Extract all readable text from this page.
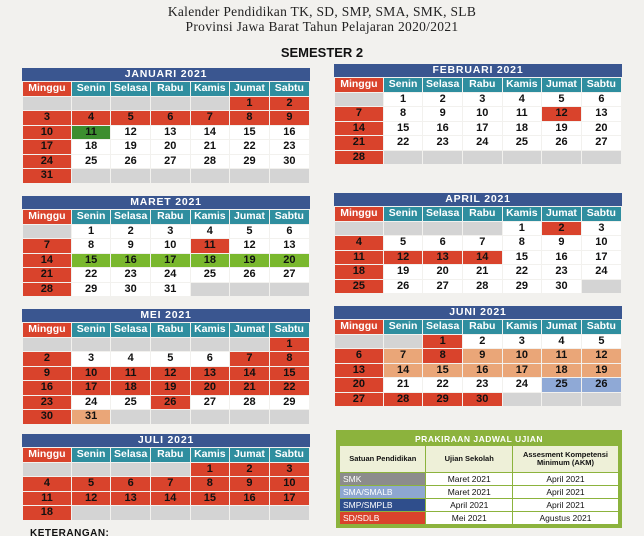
Kalender Pendidikan TK, SD, SMP, SMA, SMK, SLB
Provinsi Jawa Barat Tahun Pelajaran 2020/2021
SEMESTER 2
JANUARI 2021
Minggu	Senin	Selasa	Rabu	Kamis	Jumat	Sabtu
					1	2
3	4	5	6	7	8	9
10	11	12	13	14	15	16
17	18	19	20	21	22	23
24	25	26	27	28	29	30
31						
FEBRUARI 2021
Minggu	Senin	Selasa	Rabu	Kamis	Jumat	Sabtu
	1	2	3	4	5	6
7	8	9	10	11	12	13
14	15	16	17	18	19	20
21	22	23	24	25	26	27
28						
MARET 2021
Minggu	Senin	Selasa	Rabu	Kamis	Jumat	Sabtu
	1	2	3	4	5	6
7	8	9	10	11	12	13
14	15	16	17	18	19	20
21	22	23	24	25	26	27
28	29	30	31			
APRIL 2021
Minggu	Senin	Selasa	Rabu	Kamis	Jumat	Sabtu
				1	2	3
4	5	6	7	8	9	10
11	12	13	14	15	16	17
18	19	20	21	22	23	24
25	26	27	28	29	30	
MEI 2021
Minggu	Senin	Selasa	Rabu	Kamis	Jumat	Sabtu
						1
2	3	4	5	6	7	8
9	10	11	12	13	14	15
16	17	18	19	20	21	22
23	24	25	26	27	28	29
30	31					
JUNI 2021
Minggu	Senin	Selasa	Rabu	Kamis	Jumat	Sabtu
		1	2	3	4	5
6	7	8	9	10	11	12
13	14	15	16	17	18	19
20	21	22	23	24	25	26
27	28	29	30			
JULI 2021
Minggu	Senin	Selasa	Rabu	Kamis	Jumat	Sabtu
				1	2	3
4	5	6	7	8	9	10
11	12	13	14	15	16	17
18						
PRAKIRAAN JADWAL UJIAN
Satuan Pendidikan	Ujian Sekolah	Assesment Kompetensi Minimum (AKM)
SMK	Maret 2021	April 2021
SMA/SMALB	Maret 2021	April 2021
SMP/SMPLB	April 2021	April 2021
SD/SDLB	Mei 2021	Agustus 2021
KETERANGAN:
